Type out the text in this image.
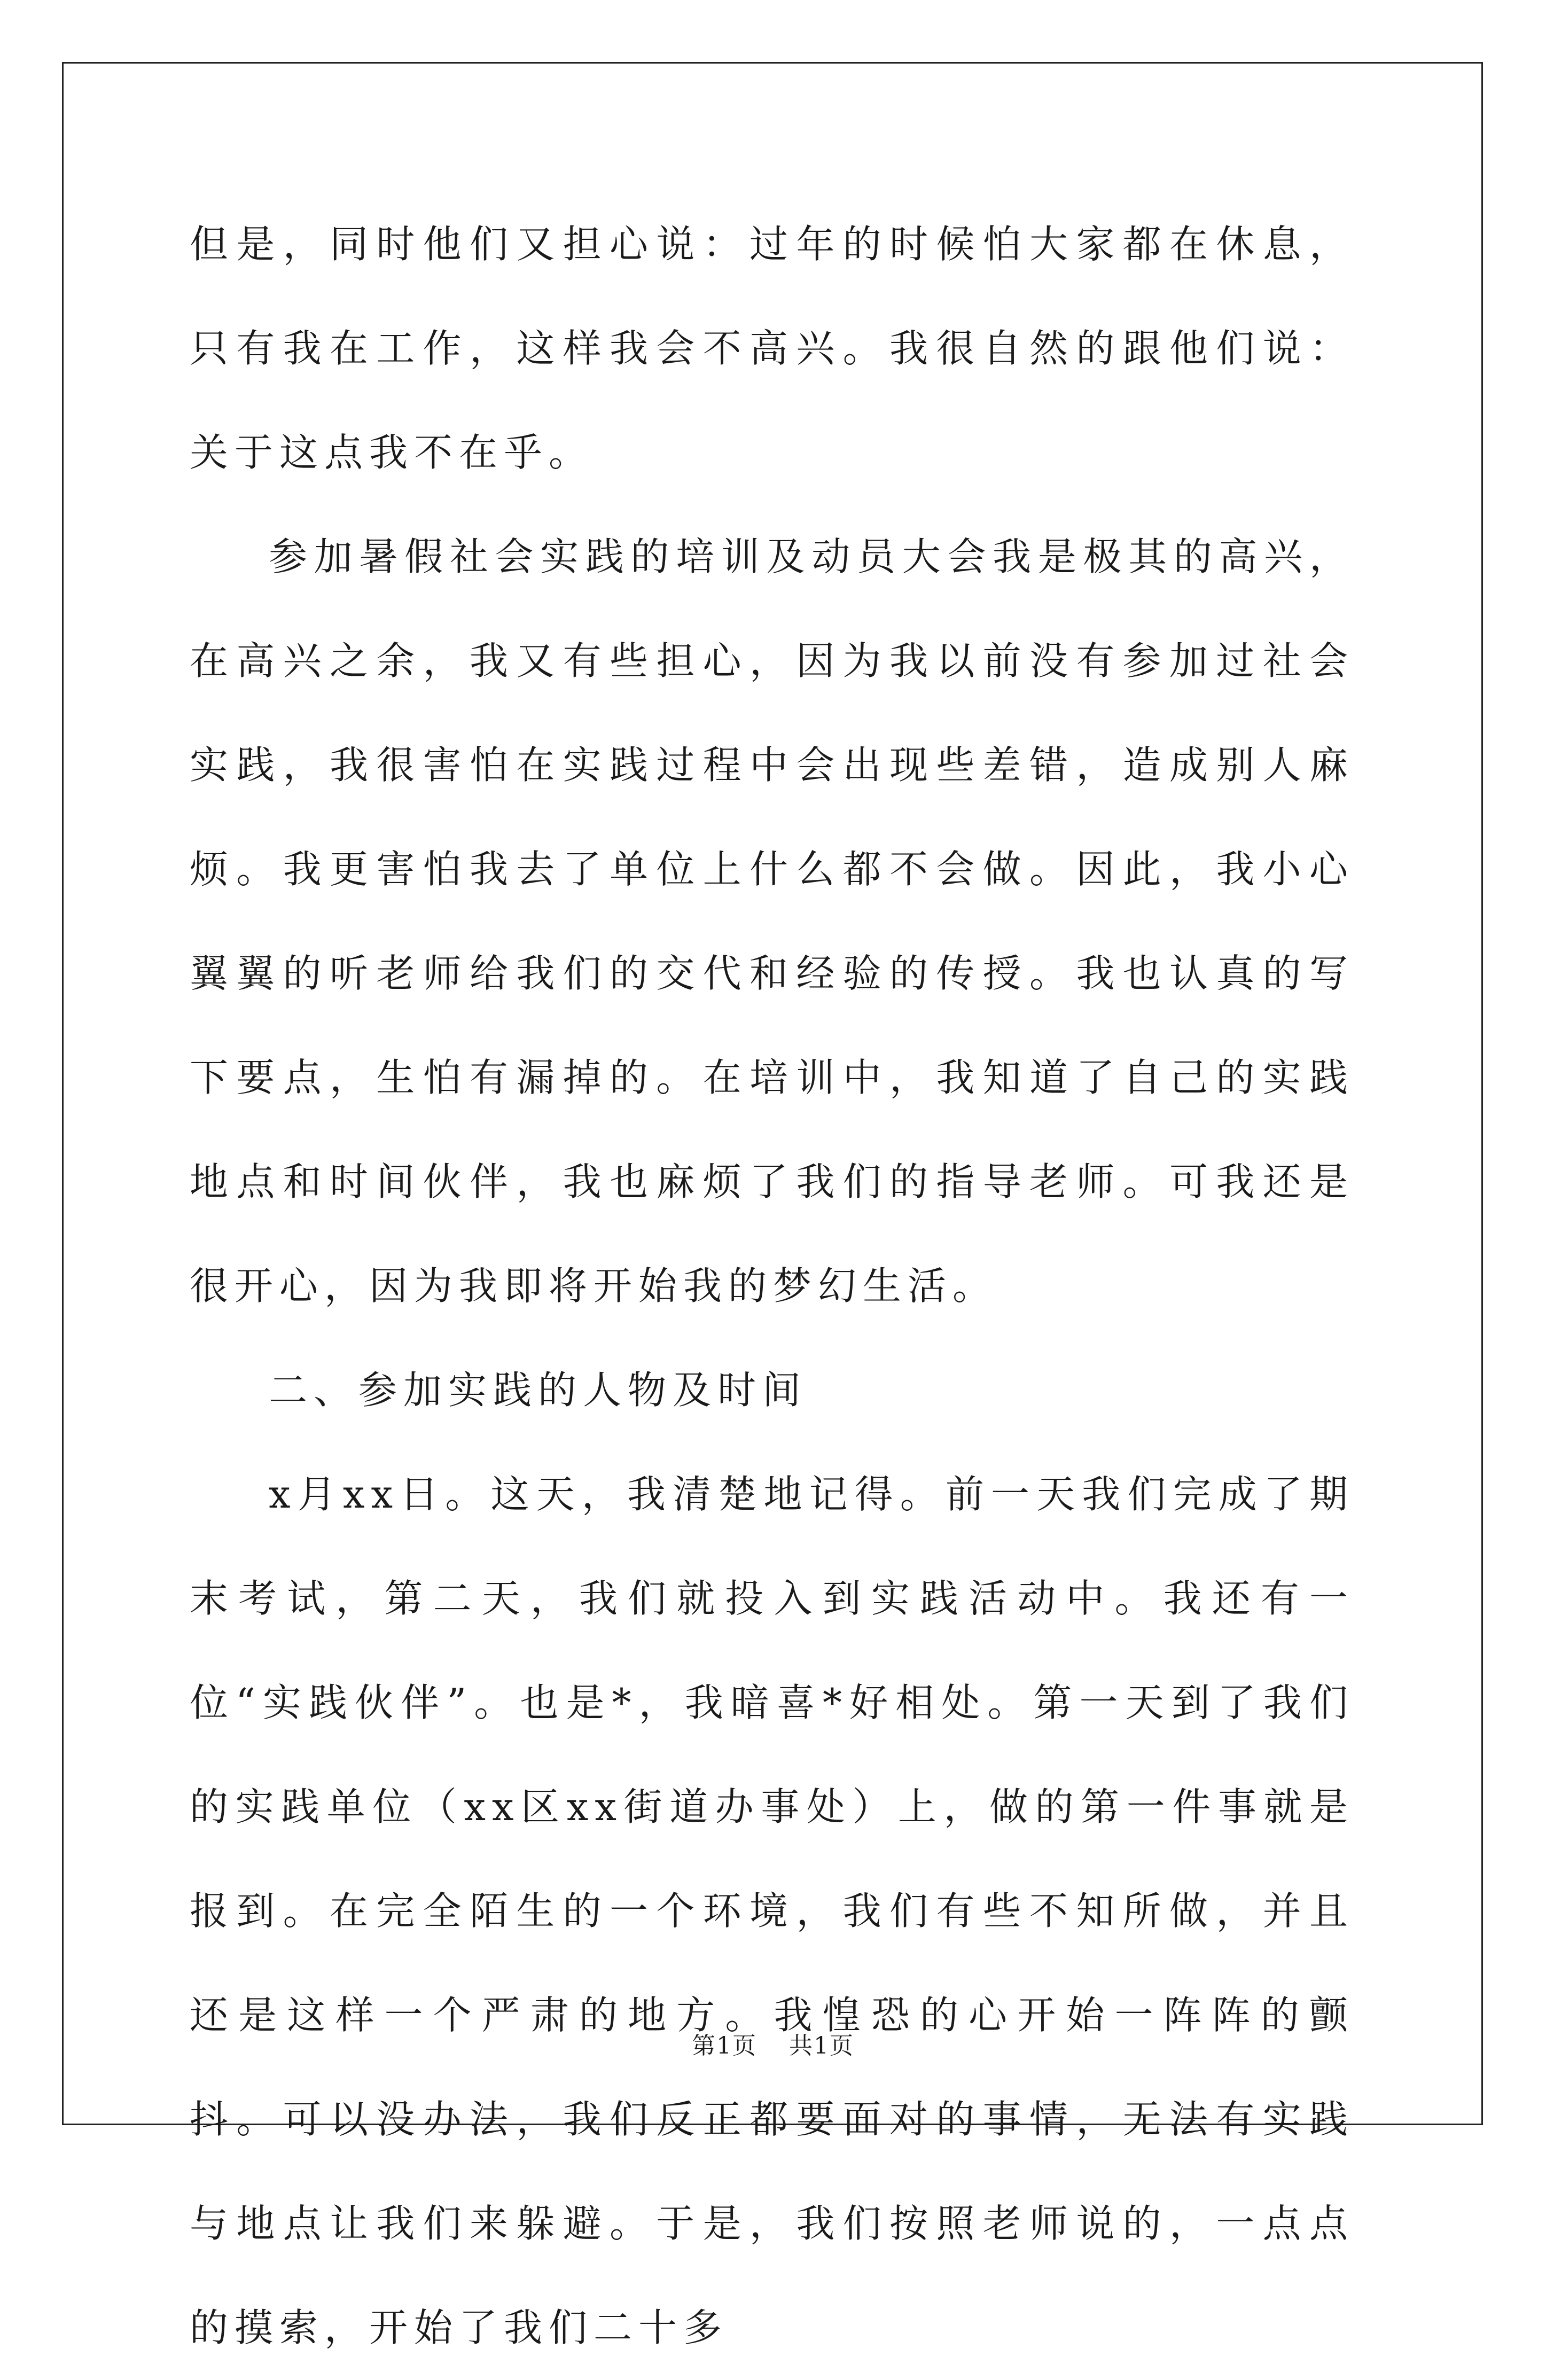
但是，同时他们又担心说：过年的时候怕大家都在休息，只有我在工作，这样我会不高兴。我很自然的跟他们说：关于这点我不在乎。

参加暑假社会实践的培训及动员大会我是极其的高兴，在高兴之余，我又有些担心，因为我以前没有参加过社会实践，我很害怕在实践过程中会出现些差错，造成别人麻烦。我更害怕我去了单位上什么都不会做。因此，我小心翼翼的听老师给我们的交代和经验的传授。我也认真的写下要点，生怕有漏掉的。在培训中，我知道了自己的实践地点和时间伙伴，我也麻烦了我们的指导老师。可我还是很开心，因为我即将开始我的梦幻生活。

二、参加实践的人物及时间

x月xx日。这天，我清楚地记得。前一天我们完成了期末考试，第二天，我们就投入到实践活动中。我还有一位“实践伙伴”。也是*，我暗喜*好相处。第一天到了我们的实践单位（xx区xx街道办事处）上，做的第一件事就是报到。在完全陌生的一个环境，我们有些不知所做，并且还是这样一个严肃的地方。我惶恐的心开始一阵阵的颤抖。可以没办法，我们反正都要面对的事情，无法有实践与地点让我们来躲避。于是，我们按照老师说的，一点点的摸索，开始了我们二十多

第1页 共1页
